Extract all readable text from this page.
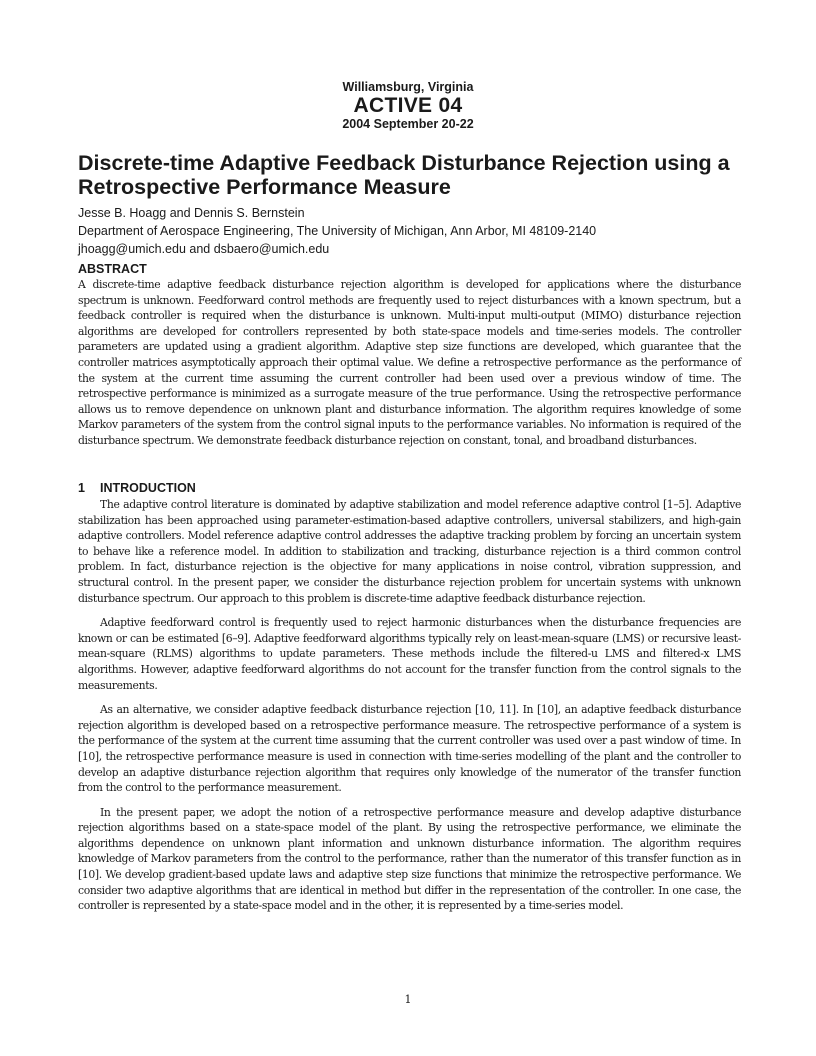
Williamsburg, Virginia
ACTIVE 04
2004 September 20-22
Discrete-time Adaptive Feedback Disturbance Rejection using a Retrospective Performance Measure
Jesse B. Hoagg and Dennis S. Bernstein
Department of Aerospace Engineering, The University of Michigan, Ann Arbor, MI 48109-2140
jhoagg@umich.edu and dsbaero@umich.edu
ABSTRACT
A discrete-time adaptive feedback disturbance rejection algorithm is developed for applications where the disturbance spectrum is unknown. Feedforward control methods are frequently used to reject disturbances with a known spectrum, but a feedback controller is required when the disturbance is unknown. Multi-input multi-output (MIMO) disturbance rejection algorithms are developed for controllers represented by both state-space models and time-series models. The controller parameters are updated using a gradient algorithm. Adaptive step size functions are developed, which guarantee that the controller matrices asymptotically approach their optimal value. We define a retrospective performance as the performance of the system at the current time assuming the current controller had been used over a previous window of time. The retrospective performance is minimized as a surrogate measure of the true performance. Using the retrospective performance allows us to remove dependence on unknown plant and disturbance information. The algorithm requires knowledge of some Markov parameters of the system from the control signal inputs to the performance variables. No information is required of the disturbance spectrum. We demonstrate feedback disturbance rejection on constant, tonal, and broadband disturbances.
1 INTRODUCTION

The adaptive control literature is dominated by adaptive stabilization and model reference adaptive control [1–5]. Adaptive stabilization has been approached using parameter-estimation-based adaptive controllers, universal stabilizers, and high-gain adaptive controllers. Model reference adaptive control addresses the adaptive tracking problem by forcing an uncertain system to behave like a reference model. In addition to stabilization and tracking, disturbance rejection is a third common control problem. In fact, disturbance rejection is the objective for many applications in noise control, vibration suppression, and structural control. In the present paper, we consider the disturbance rejection problem for uncertain systems with unknown disturbance spectrum. Our approach to this problem is discrete-time adaptive feedback disturbance rejection.

Adaptive feedforward control is frequently used to reject harmonic disturbances when the disturbance frequencies are known or can be estimated [6–9]. Adaptive feedforward algorithms typically rely on least-mean-square (LMS) or recursive least-mean-square (RLMS) algorithms to update parameters. These methods include the filtered-u LMS and filtered-x LMS algorithms. However, adaptive feedforward algorithms do not account for the transfer function from the control signals to the measurements.

As an alternative, we consider adaptive feedback disturbance rejection [10, 11]. In [10], an adaptive feedback disturbance rejection algorithm is developed based on a retrospective performance measure. The retrospective performance of a system is the performance of the system at the current time assuming that the current controller was used over a past window of time. In [10], the retrospective performance measure is used in connection with time-series modelling of the plant and the controller to develop an adaptive disturbance rejection algorithm that requires only knowledge of the numerator of the transfer function from the control to the performance measurement.

In the present paper, we adopt the notion of a retrospective performance measure and develop adaptive disturbance rejection algorithms based on a state-space model of the plant. By using the retrospective performance, we eliminate the algorithms dependence on unknown plant information and unknown disturbance information. The algorithm requires knowledge of Markov parameters from the control to the performance, rather than the numerator of this transfer function as in [10]. We develop gradient-based update laws and adaptive step size functions that minimize the retrospective performance. We consider two adaptive algorithms that are identical in method but differ in the representation of the controller. In one case, the controller is represented by a state-space model and in the other, it is represented by a time-series model.

1
